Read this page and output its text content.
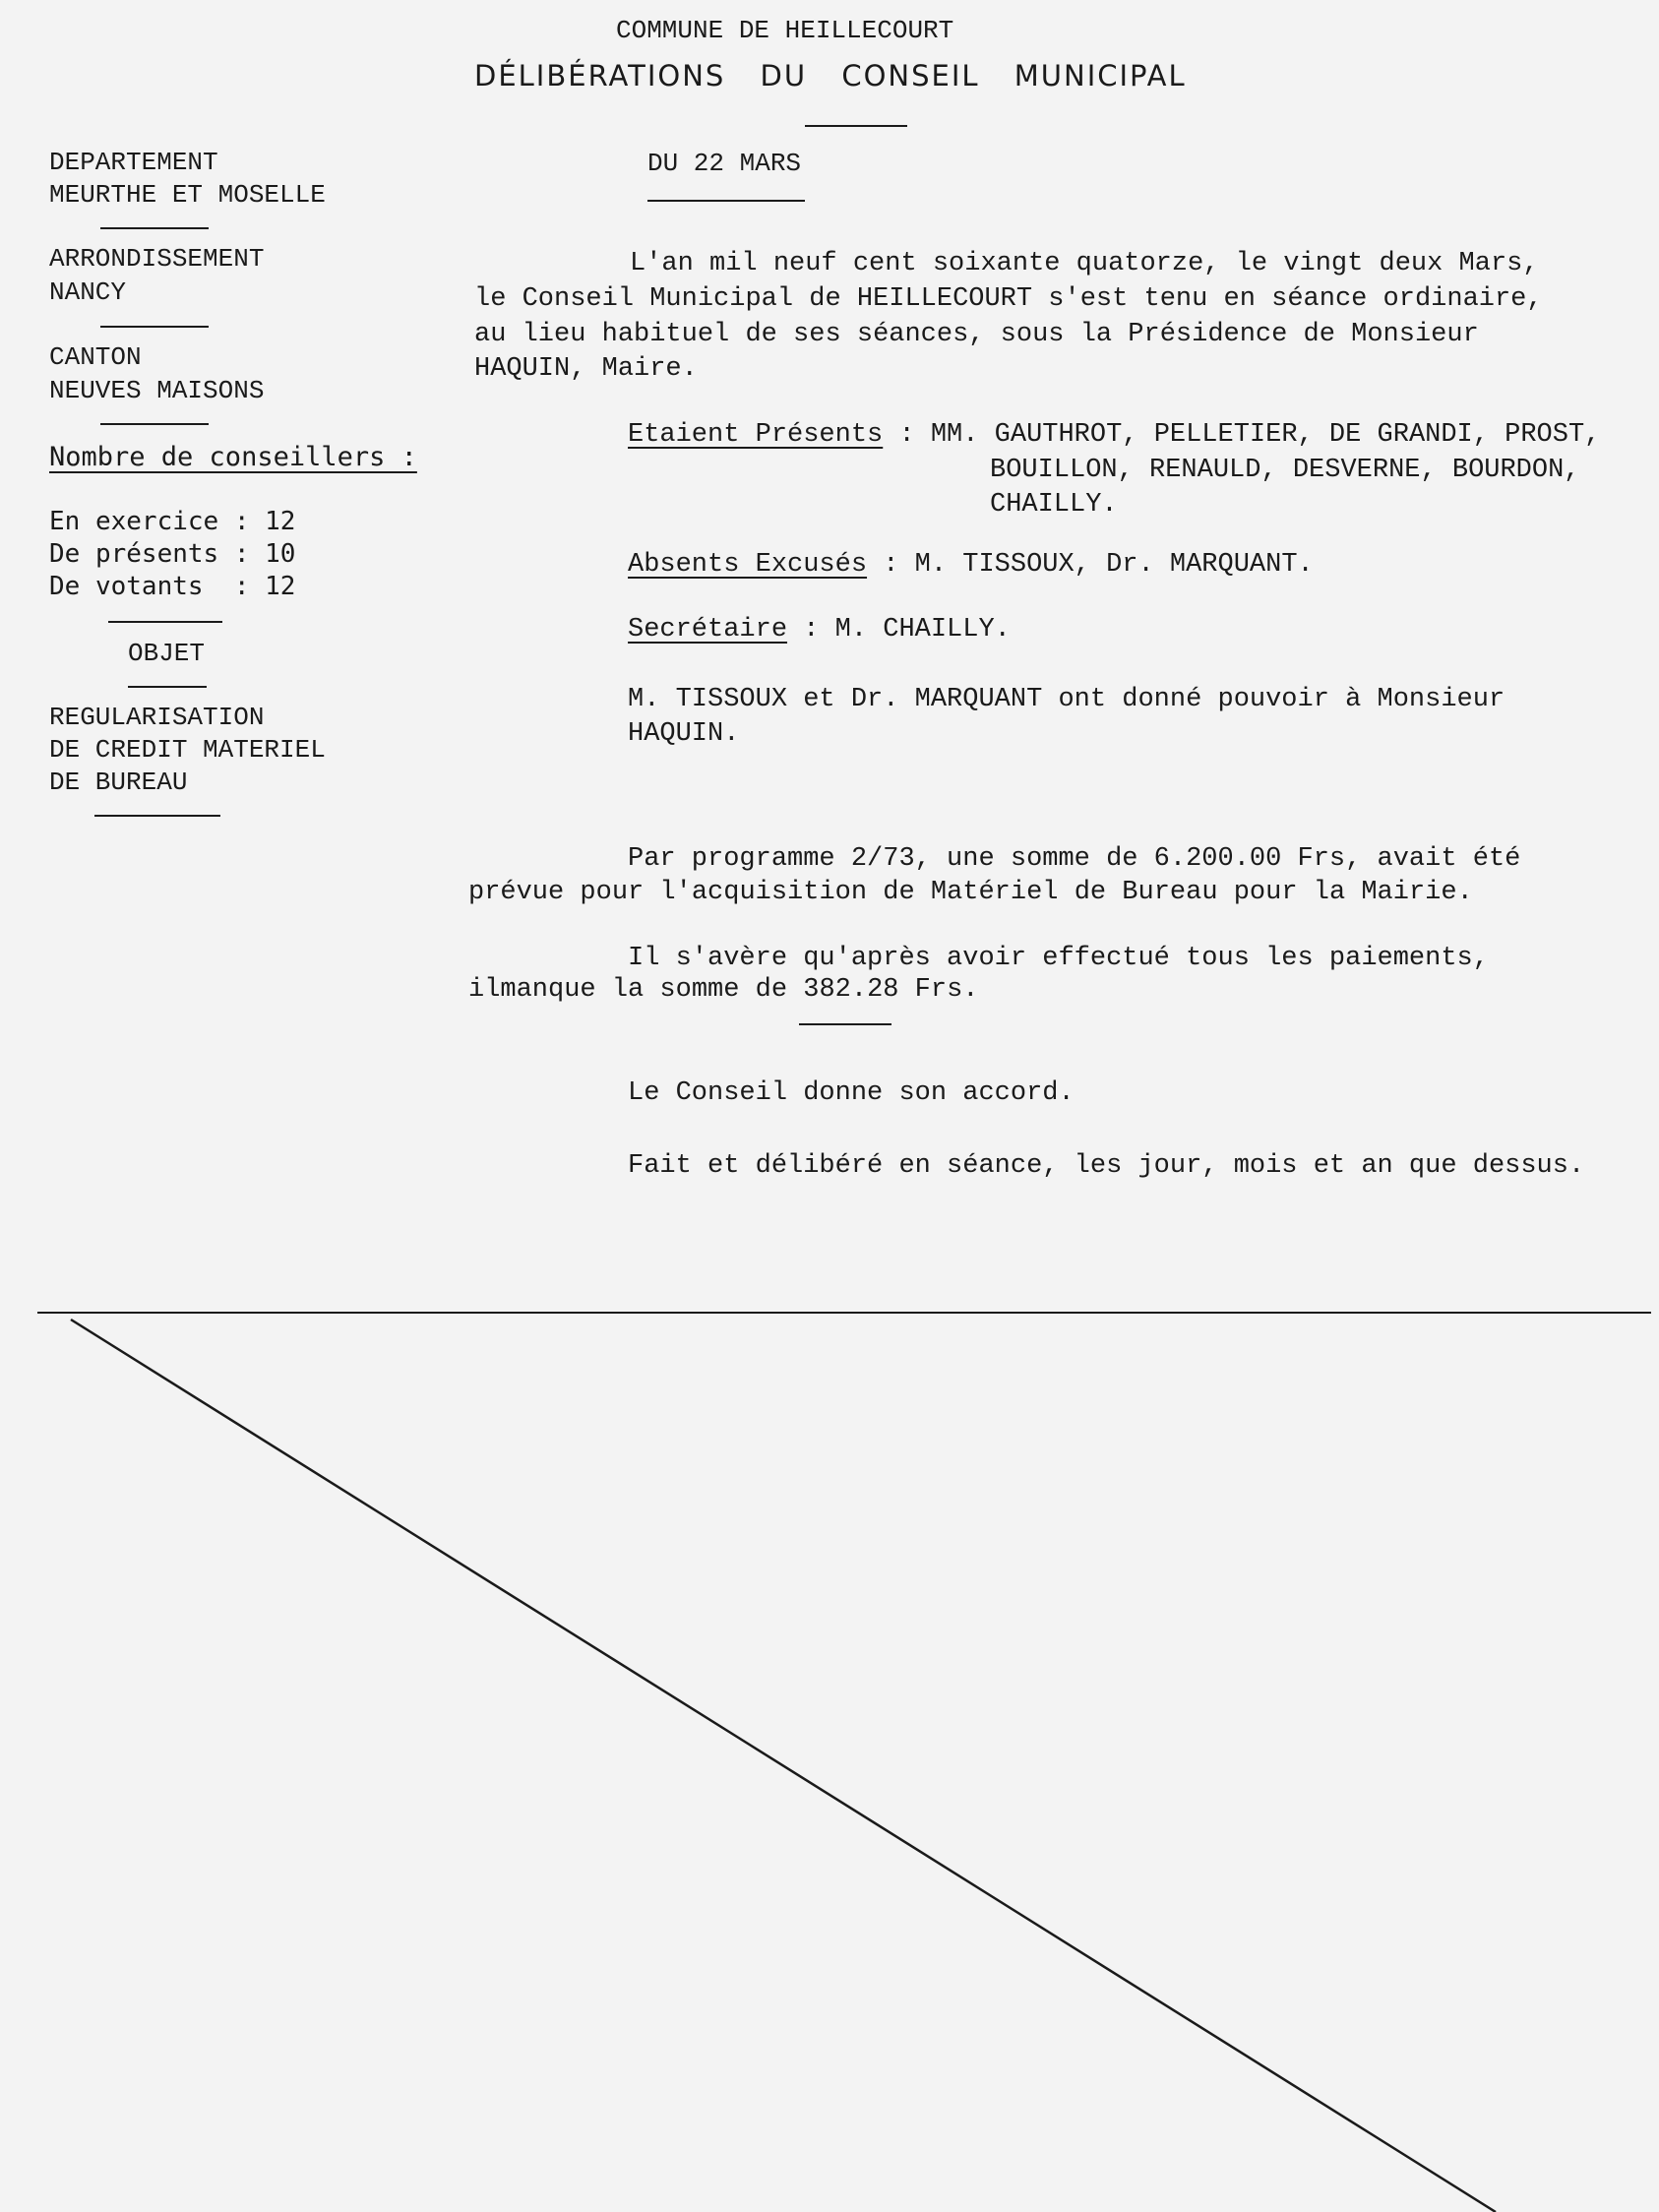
COMMUNE DE HEILLECOURT
DÉLIBÉRATIONS DU CONSEIL MUNICIPAL
DEPARTEMENT
MEURTHE ET MOSELLE
ARRONDISSEMENT
NANCY
CANTON
NEUVES MAISONS
Nombre de conseillers :
En exercice : 12
De présents : 10
De votants  : 12
OBJET
REGULARISATION
DE CREDIT MATERIEL
DE BUREAU
DU 22 MARS
L'an mil neuf cent soixante quatorze, le vingt deux Mars,
le Conseil Municipal de HEILLECOURT s'est tenu en séance ordinaire,
au lieu habituel de ses séances, sous la Présidence de Monsieur
HAQUIN, Maire.
Etaient Présents : MM. GAUTHROT, PELLETIER, DE GRANDI, PROST,
BOUILLON, RENAULD, DESVERNE, BOURDON,
CHAILLY.
Absents Excusés : M. TISSOUX, Dr. MARQUANT.
Secrétaire : M. CHAILLY.
M. TISSOUX et Dr. MARQUANT ont donné pouvoir à Monsieur
HAQUIN.
Par programme 2/73, une somme de 6.200.00 Frs, avait été
prévue pour l'acquisition de Matériel de Bureau pour la Mairie.
Il s'avère qu'après avoir effectué tous les paiements,
ilmanque la somme de 382.28 Frs.
Le Conseil donne son accord.
Fait et délibéré en séance, les jour, mois et an que dessus.
